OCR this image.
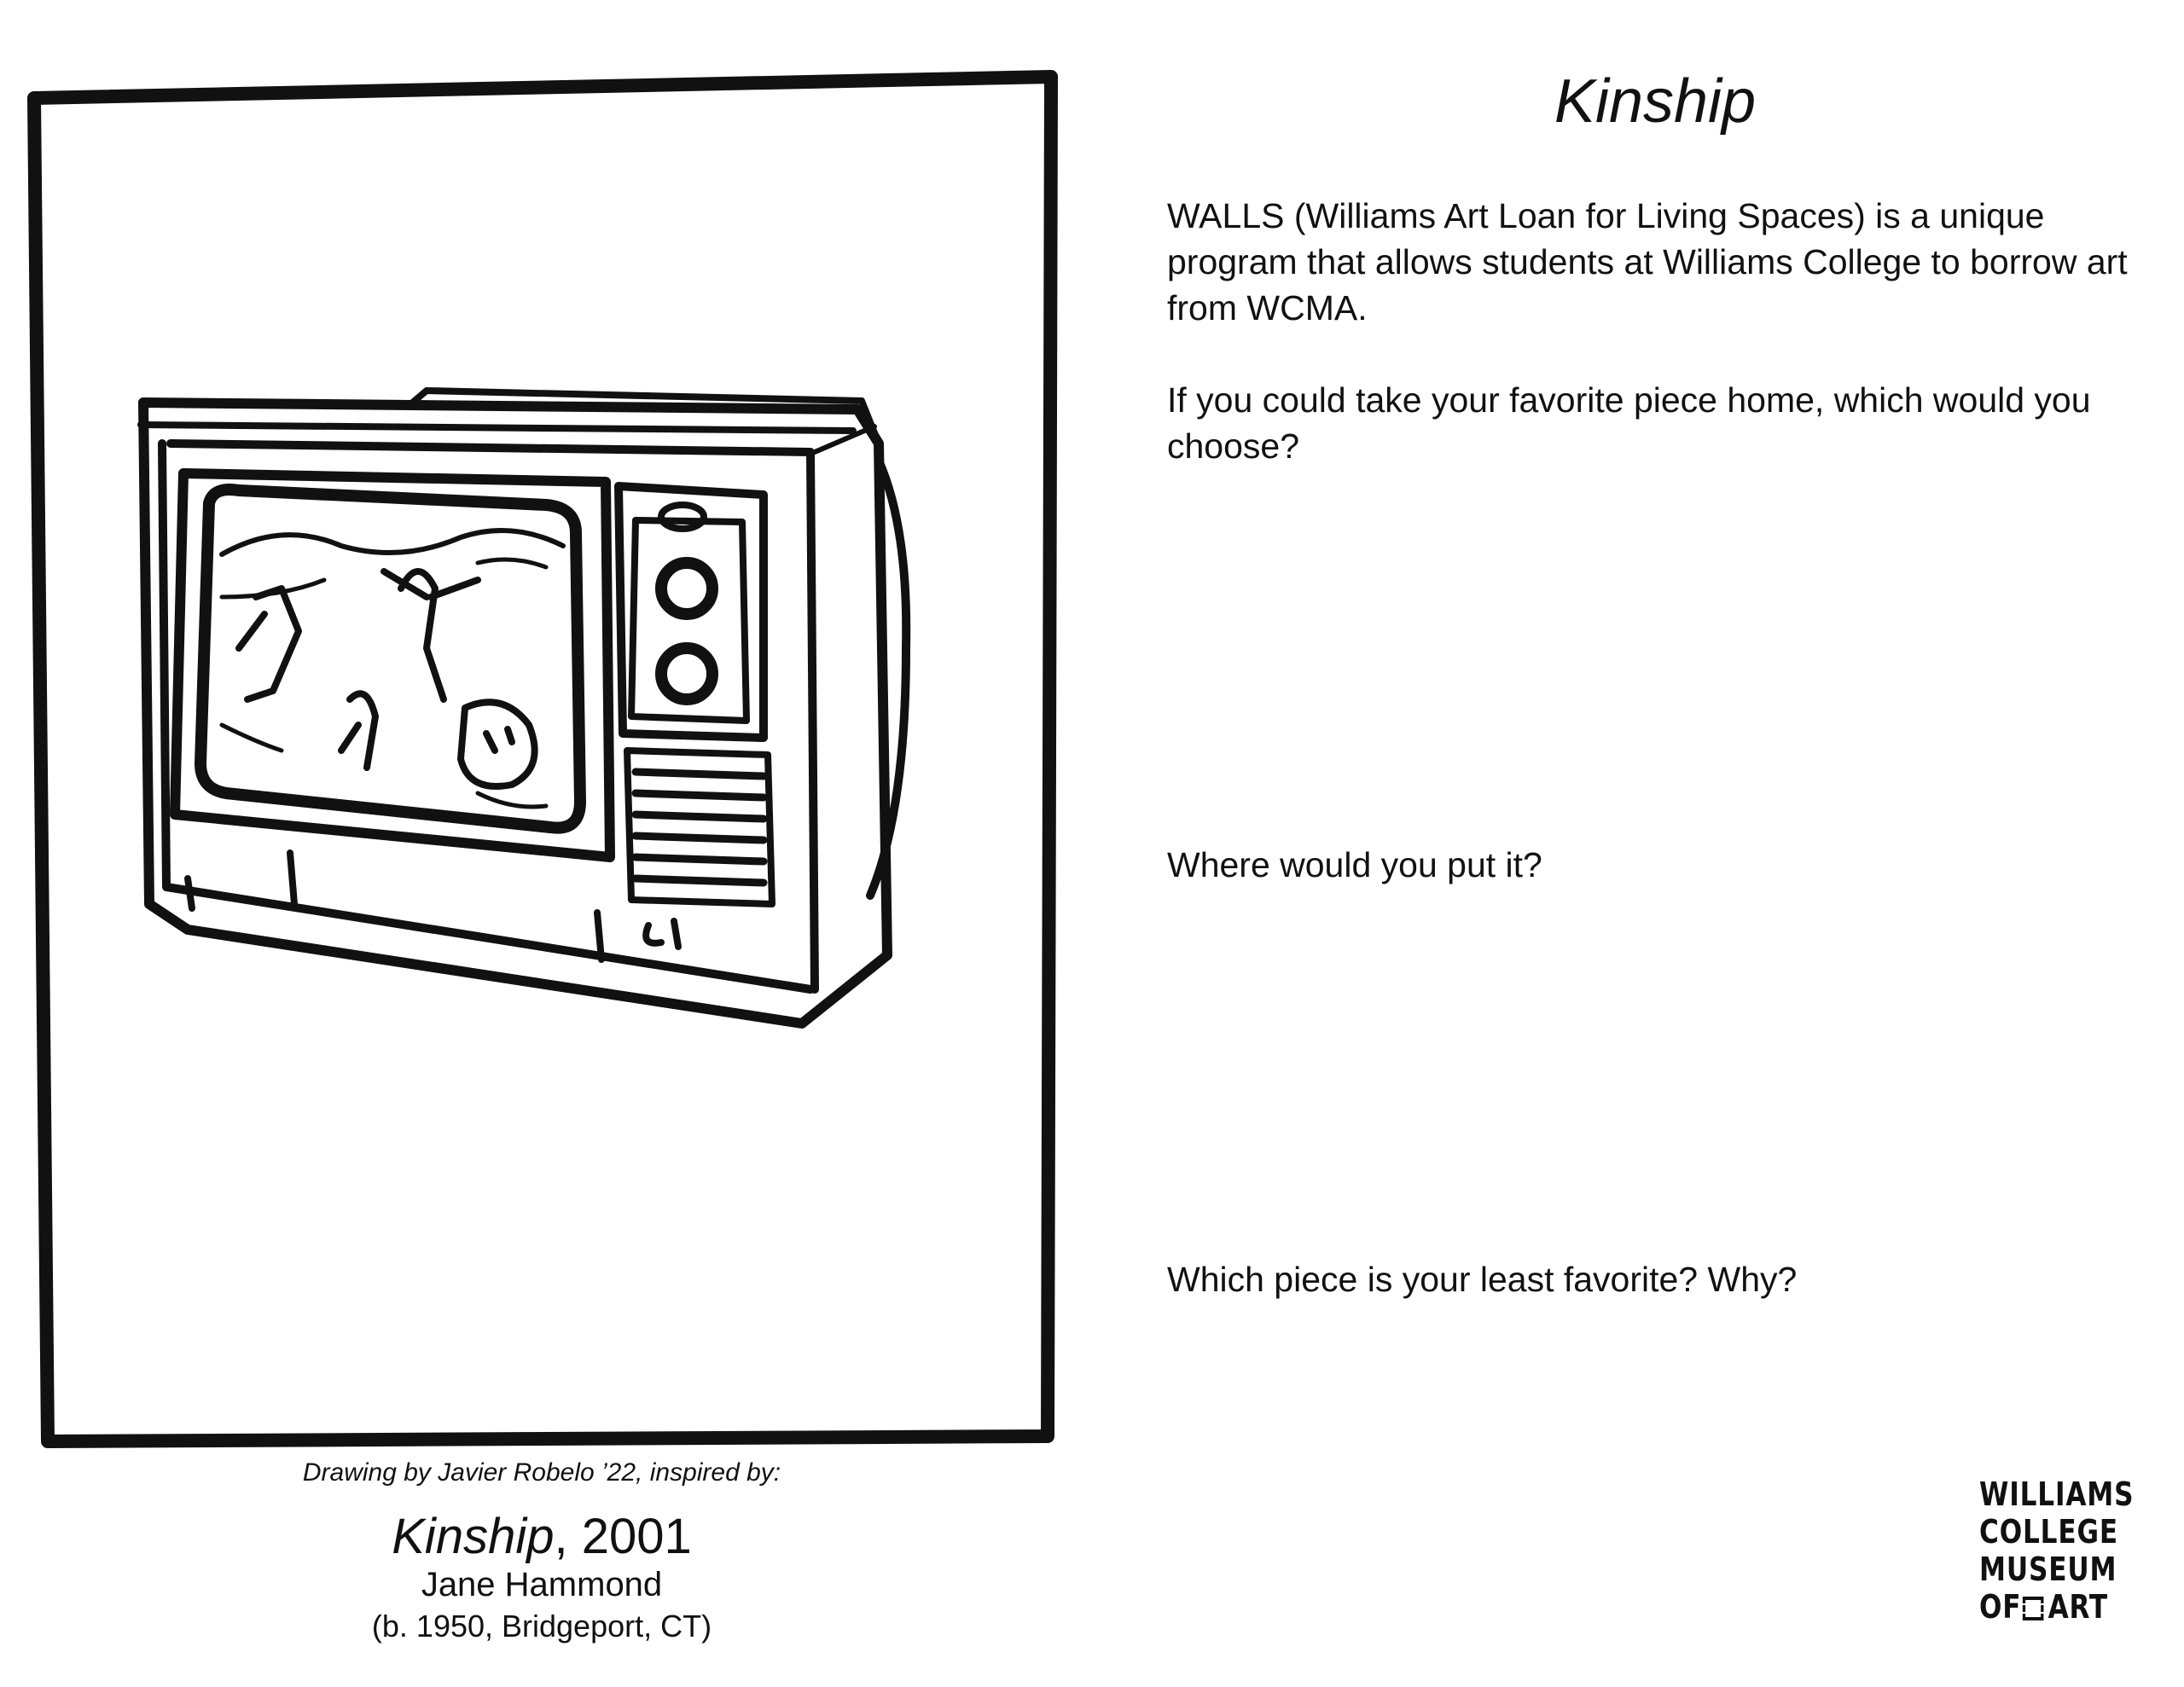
Kinship

WALLS (Williams Art Loan for Living Spaces) is a unique program that allows students at Williams College to borrow art from WCMA.

If you could take your favorite piece home, which would you choose?

Where would you put it?

Which piece is your least favorite? Why?

Drawing by Javier Robelo ’22, inspired by:

Kinship, 2001

Jane Hammond

(b. 1950, Bridgeport, CT)

WILLIAMS
COLLEGE
MUSEUM
OF ART
